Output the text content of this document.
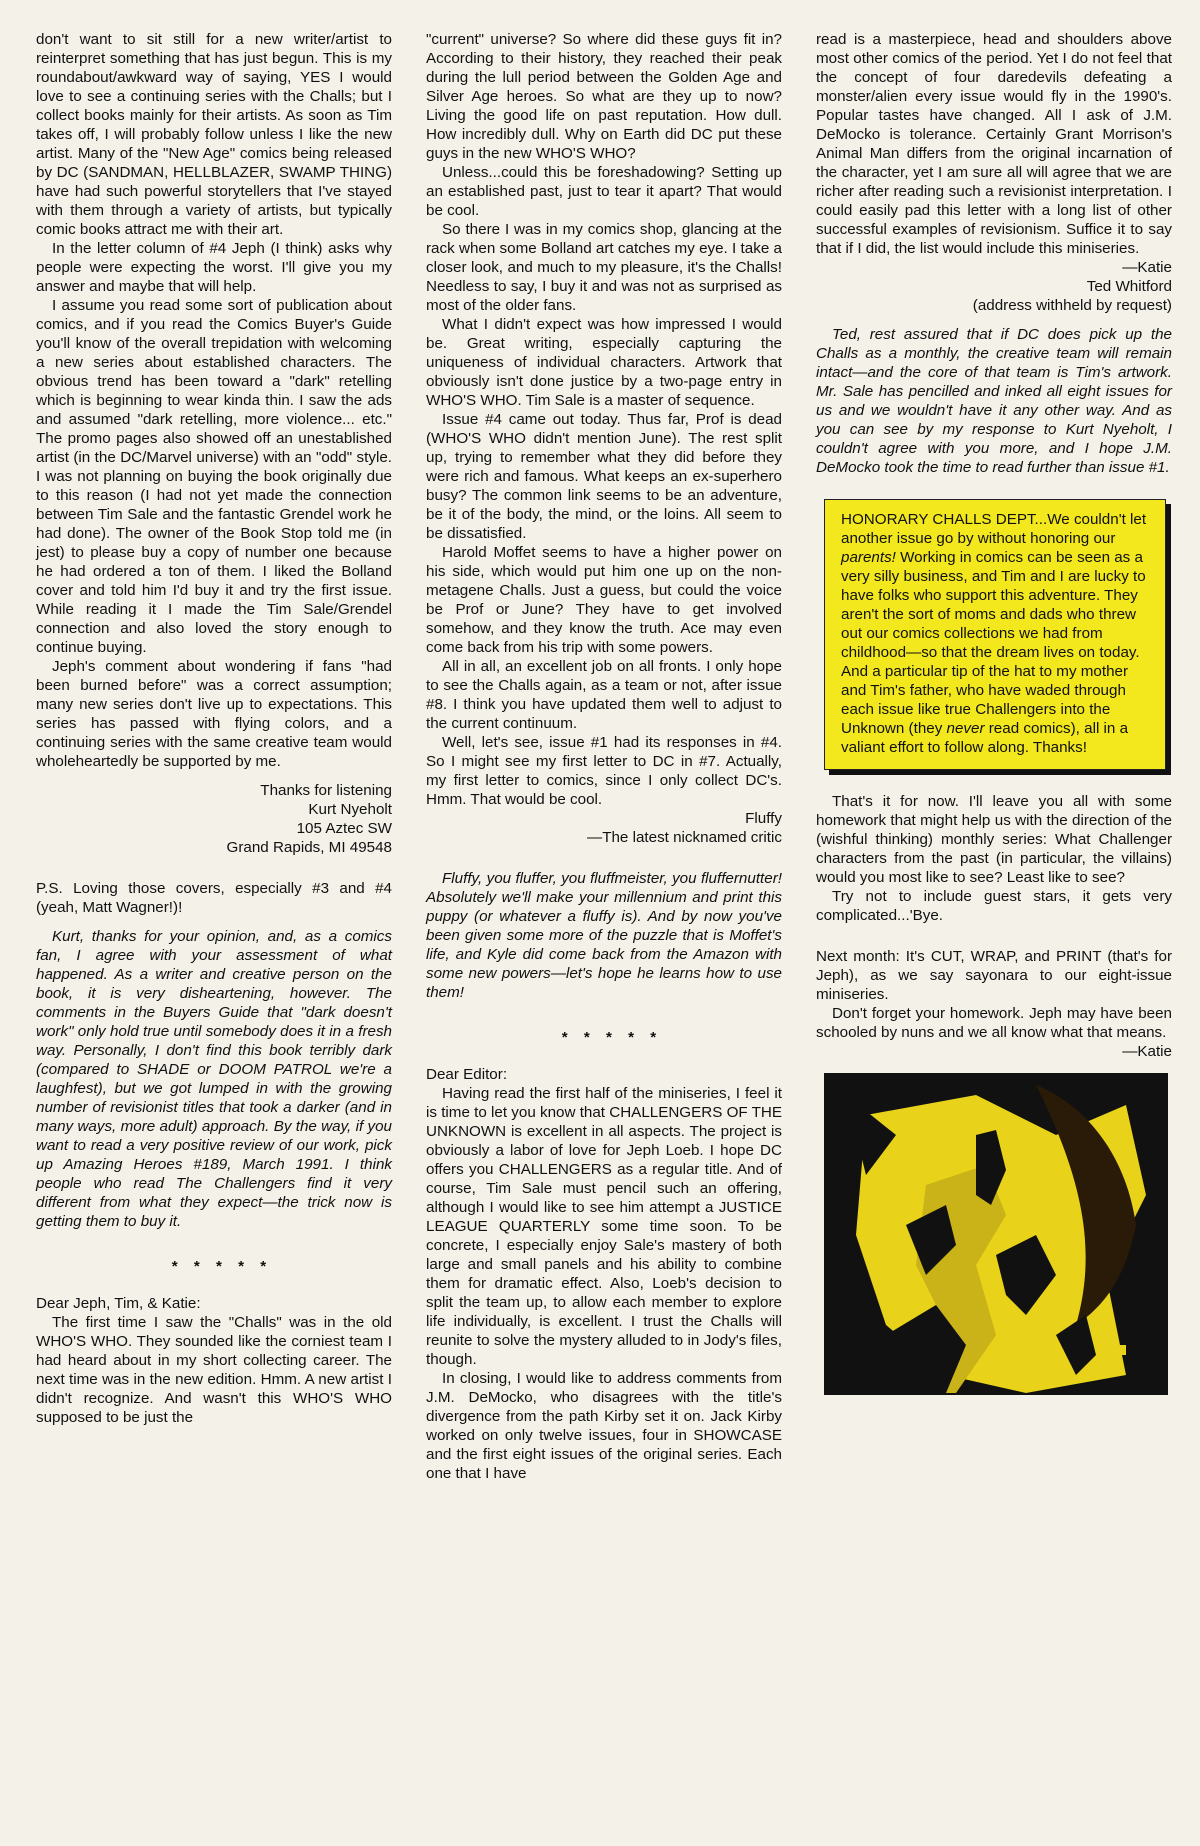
don't want to sit still for a new writer/artist to reinterpret something that has just begun. This is my roundabout/awkward way of saying, YES I would love to see a continuing series with the Challs; but I collect books mainly for their artists. As soon as Tim takes off, I will probably follow unless I like the new artist. Many of the "New Age" comics being released by DC (SANDMAN, HELLBLAZER, SWAMP THING) have had such powerful storytellers that I've stayed with them through a variety of artists, but typically comic books attract me with their art.

In the letter column of #4 Jeph (I think) asks why people were expecting the worst. I'll give you my answer and maybe that will help.

I assume you read some sort of publication about comics, and if you read the Comics Buyer's Guide you'll know of the overall trepidation with welcoming a new series about established characters. The obvious trend has been toward a "dark" retelling which is beginning to wear kinda thin. I saw the ads and assumed "dark retelling, more violence... etc." The promo pages also showed off an unestablished artist (in the DC/Marvel universe) with an "odd" style. I was not planning on buying the book originally due to this reason (I had not yet made the connection between Tim Sale and the fantastic Grendel work he had done). The owner of the Book Stop told me (in jest) to please buy a copy of number one because he had ordered a ton of them. I liked the Bolland cover and told him I'd buy it and try the first issue. While reading it I made the Tim Sale/Grendel connection and also loved the story enough to continue buying.

Jeph's comment about wondering if fans "had been burned before" was a correct assumption; many new series don't live up to expectations. This series has passed with flying colors, and a continuing series with the same creative team would wholeheartedly be supported by me.

Thanks for listening

Kurt Nyeholt

105 Aztec SW

Grand Rapids, MI 49548

P.S. Loving those covers, especially #3 and #4 (yeah, Matt Wagner!)!

Kurt, thanks for your opinion, and, as a comics fan, I agree with your assessment of what happened. As a writer and creative person on the book, it is very disheartening, however. The comments in the Buyers Guide that "dark doesn't work" only hold true until somebody does it in a fresh way. Personally, I don't find this book terribly dark (compared to SHADE or DOOM PATROL we're a laughfest), but we got lumped in with the growing number of revisionist titles that took a darker (and in many ways, more adult) approach. By the way, if you want to read a very positive review of our work, pick up Amazing Heroes #189, March 1991. I think people who read The Challengers find it very different from what they expect—the trick now is getting them to buy it.

* * * * *

Dear Jeph, Tim, & Katie:

The first time I saw the "Challs" was in the old WHO'S WHO. They sounded like the corniest team I had heard about in my short collecting career. The next time was in the new edition. Hmm. A new artist I didn't recognize. And wasn't this WHO'S WHO supposed to be just the

"current" universe? So where did these guys fit in? According to their history, they reached their peak during the lull period between the Golden Age and Silver Age heroes. So what are they up to now? Living the good life on past reputation. How dull. How incredibly dull. Why on Earth did DC put these guys in the new WHO'S WHO?

Unless...could this be foreshadowing? Setting up an established past, just to tear it apart? That would be cool.

So there I was in my comics shop, glancing at the rack when some Bolland art catches my eye. I take a closer look, and much to my pleasure, it's the Challs! Needless to say, I buy it and was not as surprised as most of the older fans.

What I didn't expect was how impressed I would be. Great writing, especially capturing the uniqueness of individual characters. Artwork that obviously isn't done justice by a two-page entry in WHO'S WHO. Tim Sale is a master of sequence.

Issue #4 came out today. Thus far, Prof is dead (WHO'S WHO didn't mention June). The rest split up, trying to remember what they did before they were rich and famous. What keeps an ex-superhero busy? The common link seems to be an adventure, be it of the body, the mind, or the loins. All seem to be dissatisfied.

Harold Moffet seems to have a higher power on his side, which would put him one up on the non-metagene Challs. Just a guess, but could the voice be Prof or June? They have to get involved somehow, and they know the truth. Ace may even come back from his trip with some powers.

All in all, an excellent job on all fronts. I only hope to see the Challs again, as a team or not, after issue #8. I think you have updated them well to adjust to the current continuum.

Well, let's see, issue #1 had its responses in #4. So I might see my first letter to DC in #7. Actually, my first letter to comics, since I only collect DC's. Hmm. That would be cool.

Fluffy

—The latest nicknamed critic

Fluffy, you fluffer, you fluffmeister, you fluffernutter! Absolutely we'll make your millennium and print this puppy (or whatever a fluffy is). And by now you've been given some more of the puzzle that is Moffet's life, and Kyle did come back from the Amazon with some new powers—let's hope he learns how to use them!

* * * * *

Dear Editor:

Having read the first half of the miniseries, I feel it is time to let you know that CHALLENGERS OF THE UNKNOWN is excellent in all aspects. The project is obviously a labor of love for Jeph Loeb. I hope DC offers you CHALLENGERS as a regular title. And of course, Tim Sale must pencil such an offering, although I would like to see him attempt a JUSTICE LEAGUE QUARTERLY some time soon. To be concrete, I especially enjoy Sale's mastery of both large and small panels and his ability to combine them for dramatic effect. Also, Loeb's decision to split the team up, to allow each member to explore life individually, is excellent. I trust the Challs will reunite to solve the mystery alluded to in Jody's files, though.

In closing, I would like to address comments from J.M. DeMocko, who disagrees with the title's divergence from the path Kirby set it on. Jack Kirby worked on only twelve issues, four in SHOWCASE and the first eight issues of the original series. Each one that I have

read is a masterpiece, head and shoulders above most other comics of the period. Yet I do not feel that the concept of four daredevils defeating a monster/alien every issue would fly in the 1990's. Popular tastes have changed. All I ask of J.M. DeMocko is tolerance. Certainly Grant Morrison's Animal Man differs from the original incarnation of the character, yet I am sure all will agree that we are richer after reading such a revisionist interpretation. I could easily pad this letter with a long list of other successful examples of revisionism. Suffice it to say that if I did, the list would include this miniseries.

—Katie

Ted Whitford

(address withheld by request)

Ted, rest assured that if DC does pick up the Challs as a monthly, the creative team will remain intact—and the core of that team is Tim's artwork. Mr. Sale has pencilled and inked all eight issues for us and we wouldn't have it any other way. And as you can see by my response to Kurt Nyeholt, I couldn't agree with you more, and I hope J.M. DeMocko took the time to read further than issue #1.

HONORARY CHALLS DEPT...We couldn't let another issue go by without honoring our parents! Working in comics can be seen as a very silly business, and Tim and I are lucky to have folks who support this adventure. They aren't the sort of moms and dads who threw out our comics collections we had from childhood—so that the dream lives on today. And a particular tip of the hat to my mother and Tim's father, who have waded through each issue like true Challengers into the Unknown (they never read comics), all in a valiant effort to follow along. Thanks!

That's it for now. I'll leave you all with some homework that might help us with the direction of the (wishful thinking) monthly series: What Challenger characters from the past (in particular, the villains) would you most like to see? Least like to see?

Try not to include guest stars, it gets very complicated...'Bye.

Next month: It's CUT, WRAP, and PRINT (that's for Jeph), as we say sayonara to our eight-issue miniseries.

Don't forget your homework. Jeph may have been schooled by nuns and we all know what that means.

—Katie
